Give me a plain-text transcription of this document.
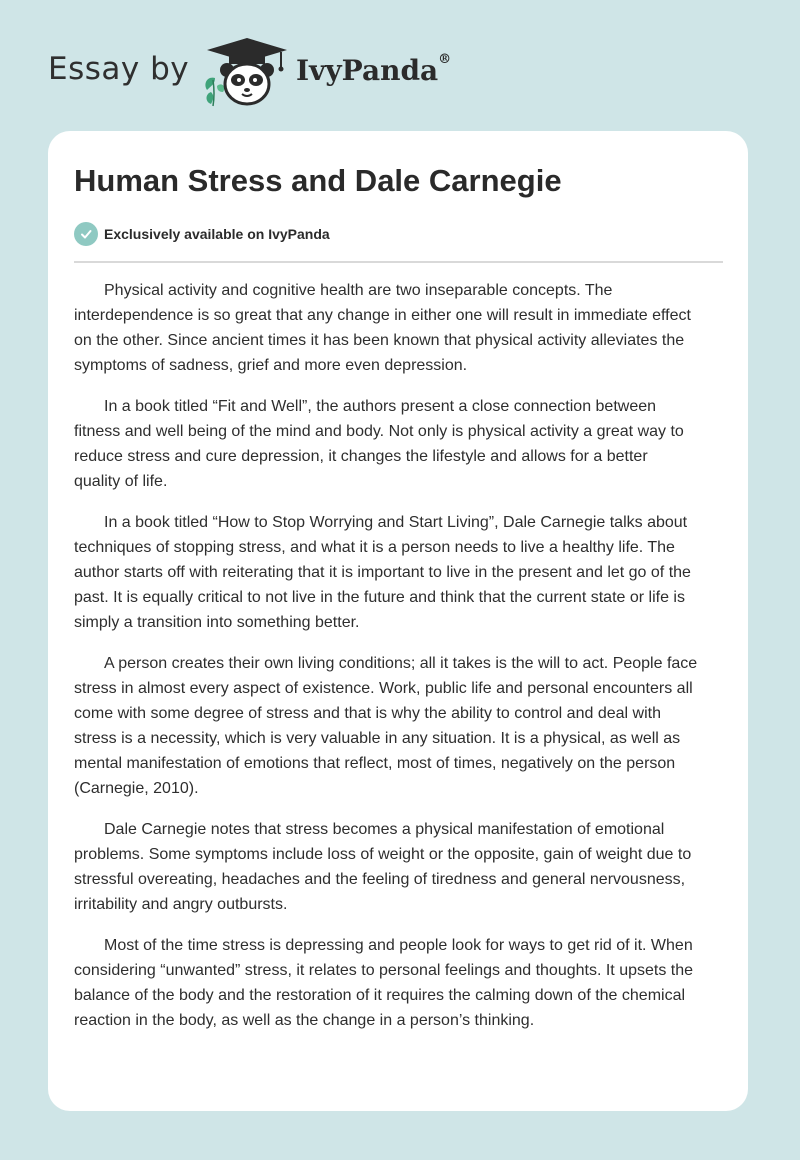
Essay by	IvyPanda®
Human Stress and Dale Carnegie
Exclusively available on IvyPanda

Physical activity and cognitive health are two inseparable concepts. The
interdependence is so great that any change in either one will result in immediate effect
on the other. Since ancient times it has been known that physical activity alleviates the
symptoms of sadness, grief and more even depression.

In a book titled “Fit and Well”, the authors present a close connection between
fitness and well being of the mind and body. Not only is physical activity a great way to
reduce stress and cure depression, it changes the lifestyle and allows for a better
quality of life.

In a book titled “How to Stop Worrying and Start Living”, Dale Carnegie talks about
techniques of stopping stress, and what it is a person needs to live a healthy life. The
author starts off with reiterating that it is important to live in the present and let go of the
past. It is equally critical to not live in the future and think that the current state or life is
simply a transition into something better.

A person creates their own living conditions; all it takes is the will to act. People face
stress in almost every aspect of existence. Work, public life and personal encounters all
come with some degree of stress and that is why the ability to control and deal with
stress is a necessity, which is very valuable in any situation. It is a physical, as well as
mental manifestation of emotions that reflect, most of times, negatively on the person
(Carnegie, 2010).

Dale Carnegie notes that stress becomes a physical manifestation of emotional
problems. Some symptoms include loss of weight or the opposite, gain of weight due to
stressful overeating, headaches and the feeling of tiredness and general nervousness,
irritability and angry outbursts.

Most of the time stress is depressing and people look for ways to get rid of it. When
considering “unwanted” stress, it relates to personal feelings and thoughts. It upsets the
balance of the body and the restoration of it requires the calming down of the chemical
reaction in the body, as well as the change in a person’s thinking.
